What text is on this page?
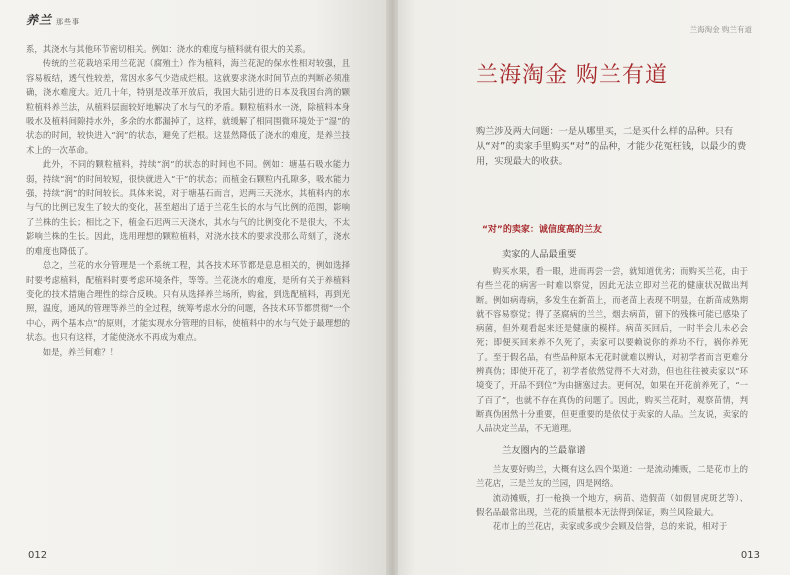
养兰 那些事

系，其浇水与其他环节密切相关。例如：浇水的难度与植料就有很大的关系。

传统的兰花栽培采用兰花泥（腐殖土）作为植料，海兰花泥的保水性相对较强，且容易板结，透气性较差，常因水多气少造成烂根。这就要求浇水时间节点的判断必须准确，浇水难度大。近几十年，特别是改革开放后，我国大陆引进的日本及我国台湾的颗粒植料养兰法，从植料层面较好地解决了水与气的矛盾。颗粒植料水一浇，除植料本身吸水及植料间隙持水外，多余的水都漏掉了，这样，就缓解了相同围微环境处于“湿”的状态的时间，较快进入“润”的状态，避免了烂根。这显然降低了浇水的难度，是养兰技术上的一次革命。

此外，不同的颗粒植料，持续“润”的状态的时间也不同。例如：塘基石吸水能力弱，持续“润”的时间较短，很快就进入“干”的状态；而植金石颗粒内孔隙多，吸水能力强，持续“润”的时间较长。具体来说，对于塘基石而言，迟两三天浇水，其植料内的水与气的比例已发生了较大的变化，甚至超出了适于兰花生长的水与气比例的范围，影响了兰株的生长；相比之下，植金石迟两三天浇水，其水与气的比例变化不是很大，不太影响兰株的生长。因此，选用理想的颗粒植料，对浇水技术的要求没那么苛刻了，浇水的难度也降低了。

总之，兰花的水分管理是一个系统工程，其各技术环节都是息息相关的，例如选择时要考虑植料，配植料时要考虑环境条件，等等。兰花浇水的难度，是所有关于养植料变化的技术措施合理性的综合反映。只有从选择养兰场所，购盆，到选配植料，再到光照，温度，通风的管理等养兰的全过程，统筹考虑水分的问题，各技术环节都贯彻“一个中心，两个基本点”的原则，才能实现水分管理的目标，使植料中的水与气处于最理想的状态。也只有这样，才能使浇水不再成为难点。

如是，养兰何难？！

012
兰海淘金 购兰有道
兰海淘金 购兰有道
购兰涉及两大问题：一是从哪里买，二是买什么样的品种。只有从“对”的卖家手里购买“对”的品种，才能少花冤枉钱，以最少的费用，实现最大的收获。
“对”的卖家：诚信度高的兰友
卖家的人品最重要

购买水果，看一眼，进而再尝一尝，就知道优劣；而购买兰花，由于有些兰花的病害一时难以察觉，因此无法立即对兰花的健康状况做出判断。例如病毒病，多发生在新苗上，而老苗上表现不明显，在新苗成熟期就不容易察觉；得了茎腐病的兰兰，烟去病苗，留下的残株可能已感染了病菌，但外观看起来还是健康的模样。病苗买回后，一时半会儿未必会死；即便买回来养不久死了，卖家可以要赖说你的养功不行，祸你养死了。至于假名品，有些品种原本无花时就难以辨认，对初学者而言更难分辨真伪；即使开花了，初学者依然觉得不大对劲，但也往往被卖家以“环境变了，开品不到位”为由搪塞过去。更何况，如果在开花前养死了，“一了百了”，也就不存在真伪的问题了。因此，购买兰花时，观察苗情，判断真伪困然十分重要，但更重要的是依仗于卖家的人品。兰友说，卖家的人品决定兰品，不无道理。

兰友圈内的兰最靠谱

兰友要好购兰，大概有这么四个渠道：一是流动摊贩，二是花市上的兰花店，三是兰友的兰园，四是网络。

流动摊贩，打一枪换一个地方，病苗、造假苗（如假冒虎斑艺等）、假名品最常出现，兰花的质量根本无法得到保证，购兰风险最大。

花市上的兰花店，卖家或多或少会顾及信誉，总的来说，相对于

013
